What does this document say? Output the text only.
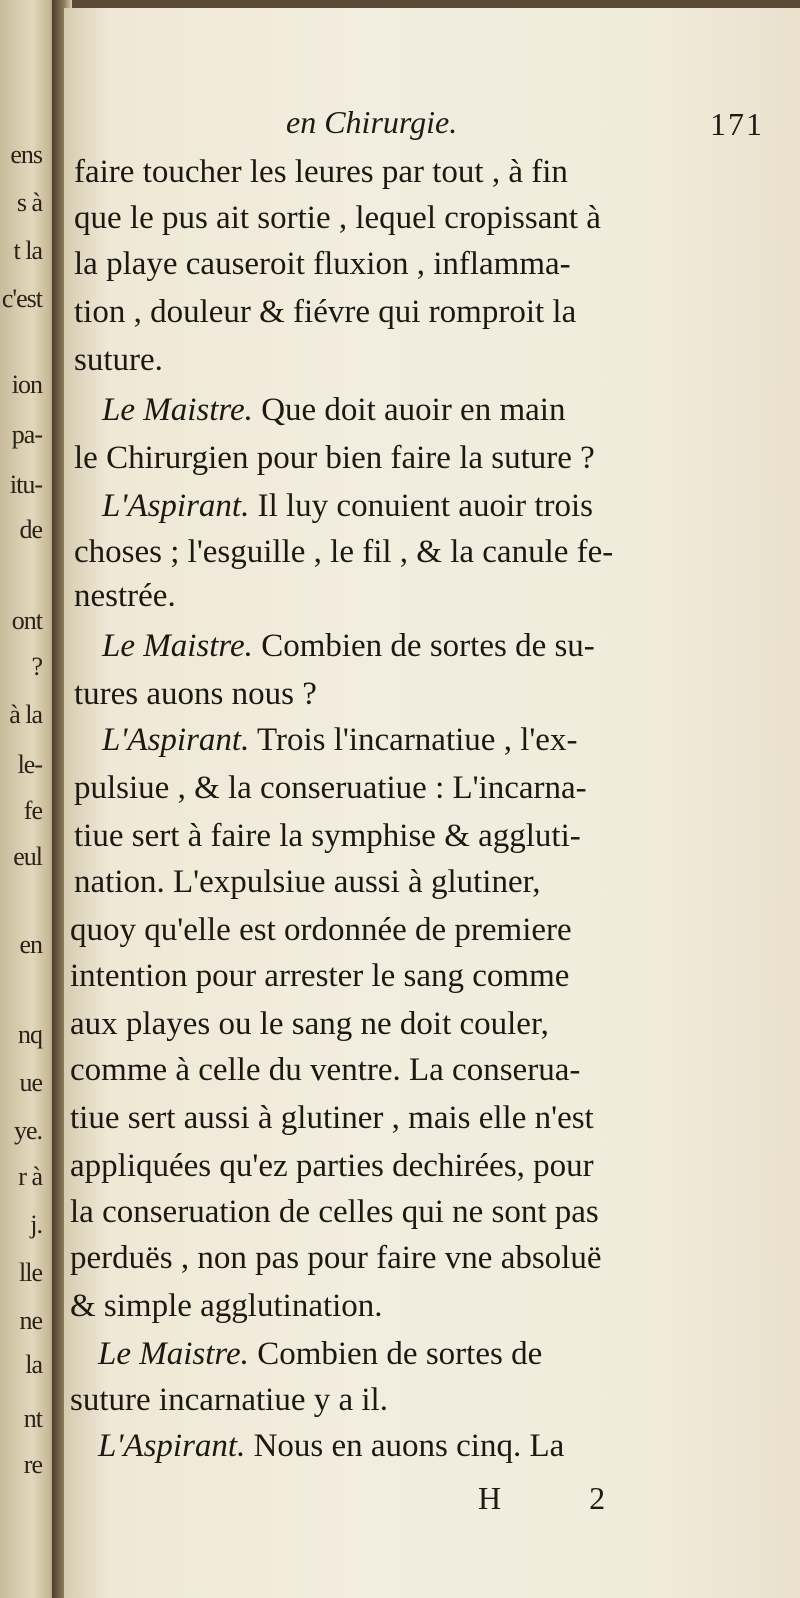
ens
s à
t la
c'est
ion
pa-
itu-
de
ont
?
à la
le-
fe
eul
en
nq
ue
ye.
r à
j.
lle
ne
la
nt
re
en Chirurgie.	171
faire toucher les leures par tout , à fin
que le pus ait sortie , lequel cropissant à
la playe causeroit fluxion , inflamma-
tion , douleur & fiévre qui romproit la
suture.
Le Maistre. Que doit auoir en main
le Chirurgien pour bien faire la suture ?
L'Aspirant. Il luy conuient auoir trois
choses ; l'esguille , le fil , & la canule fe-
nestrée.
Le Maistre. Combien de sortes de su-
tures auons nous ?
L'Aspirant. Trois l'incarnatiue , l'ex-
pulsiue , & la conseruatiue : L'incarna-
tiue sert à faire la symphise & aggluti-
nation. L'expulsiue aussi à glutiner,
quoy qu'elle est ordonnée de premiere
intention pour arrester le sang comme
aux playes ou le sang ne doit couler,
comme à celle du ventre. La conserua-
tiue sert aussi à glutiner , mais elle n'est
appliquées qu'ez parties dechirées, pour
la conseruation de celles qui ne sont pas
perduës , non pas pour faire vne absoluë
& simple agglutination.
Le Maistre. Combien de sortes de
suture incarnatiue y a il.
L'Aspirant. Nous en auons cinq. La
H 2
